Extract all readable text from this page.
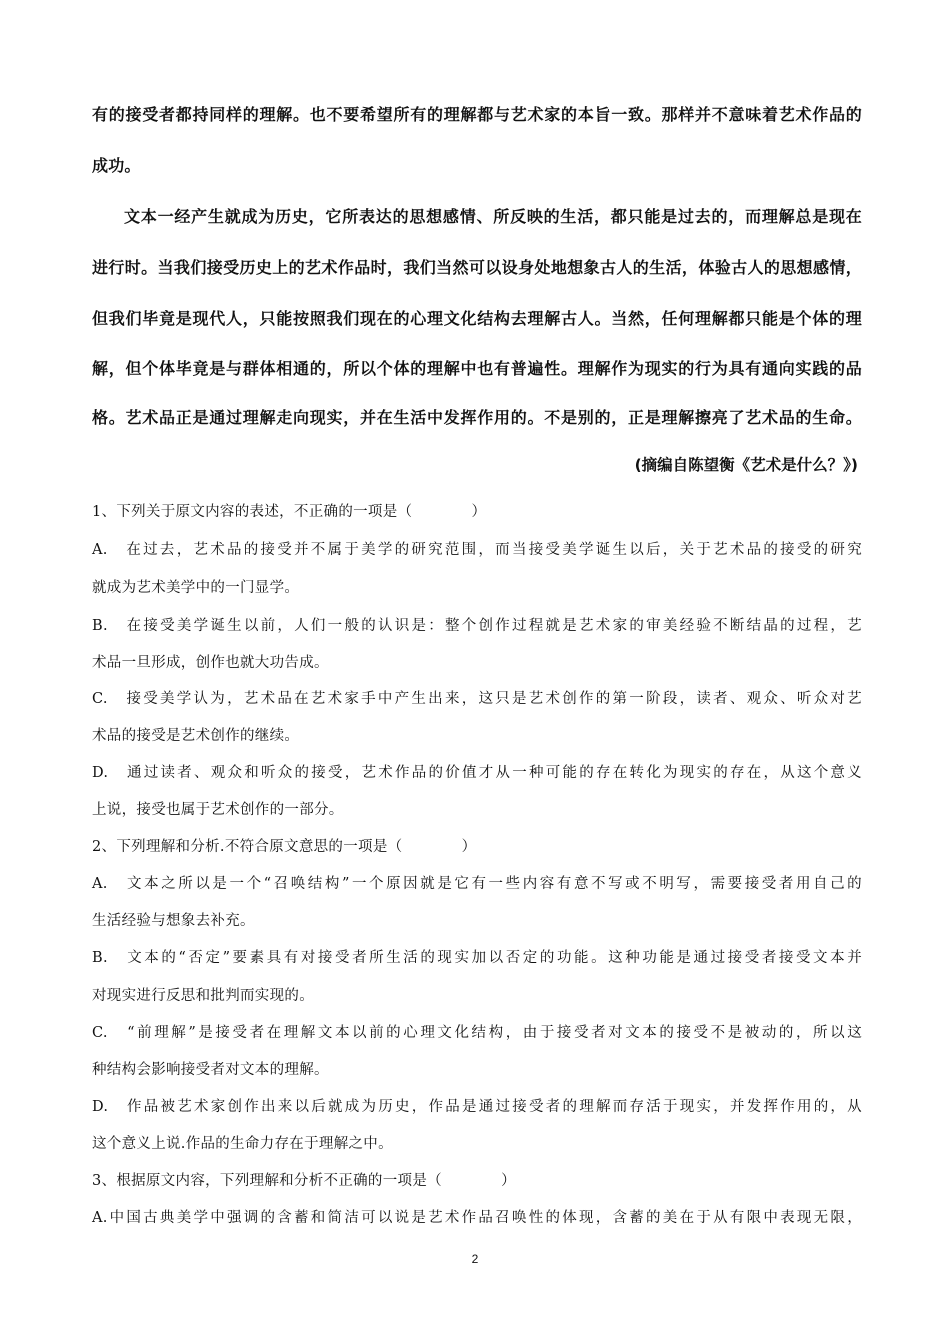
有的接受者都持同样的理解。也不要希望所有的理解都与艺术家的本旨一致。那样并不意味着艺术作品的
成功。
文本一经产生就成为历史，它所表达的思想感情、所反映的生活，都只能是过去的，而理解总是现在
进行时。当我们接受历史上的艺术作品时，我们当然可以设身处地想象古人的生活，体验古人的思想感情，
但我们毕竟是现代人，只能按照我们现在的心理文化结构去理解古人。当然，任何理解都只能是个体的理
解，但个体毕竟是与群体相通的，所以个体的理解中也有普遍性。理解作为现实的行为具有通向实践的品
格。艺术品正是通过理解走向现实，并在生活中发挥作用的。不是别的，正是理解擦亮了艺术品的生命。
(摘编自陈望衡《艺术是什么？》)
1、下列关于原文内容的表述，不正确的一项是（　　　　）
A.　在过去，艺术品的接受并不属于美学的研究范围，而当接受美学诞生以后，关于艺术品的接受的研究
就成为艺术美学中的一门显学。
B.　在接受美学诞生以前，人们一般的认识是：整个创作过程就是艺术家的审美经验不断结晶的过程，艺
术品一旦形成，创作也就大功告成。
C.　接受美学认为，艺术品在艺术家手中产生出来，这只是艺术创作的第一阶段，读者、观众、听众对艺
术品的接受是艺术创作的继续。
D.　通过读者、观众和听众的接受，艺术作品的价值才从一种可能的存在转化为现实的存在，从这个意义
上说，接受也属于艺术创作的一部分。
2、下列理解和分析.不符合原文意思的一项是（　　　　）
A.　文本之所以是一个“召唤结构”一个原因就是它有一些内容有意不写或不明写，需要接受者用自己的
生活经验与想象去补充。
B.　文本的“否定”要素具有对接受者所生活的现实加以否定的功能。这种功能是通过接受者接受文本并
对现实进行反思和批判而实现的。
C.　“前理解”是接受者在理解文本以前的心理文化结构，由于接受者对文本的接受不是被动的，所以这
种结构会影响接受者对文本的理解。
D.　作品被艺术家创作出来以后就成为历史，作品是通过接受者的理解而存活于现实，并发挥作用的，从
这个意义上说.作品的生命力存在于理解之中。
3、根据原文内容，下列理解和分析不正确的一项是（　　　　）
A.中国古典美学中强调的含蓄和简洁可以说是艺术作品召唤性的体现，含蓄的美在于从有限中表现无限，
2
